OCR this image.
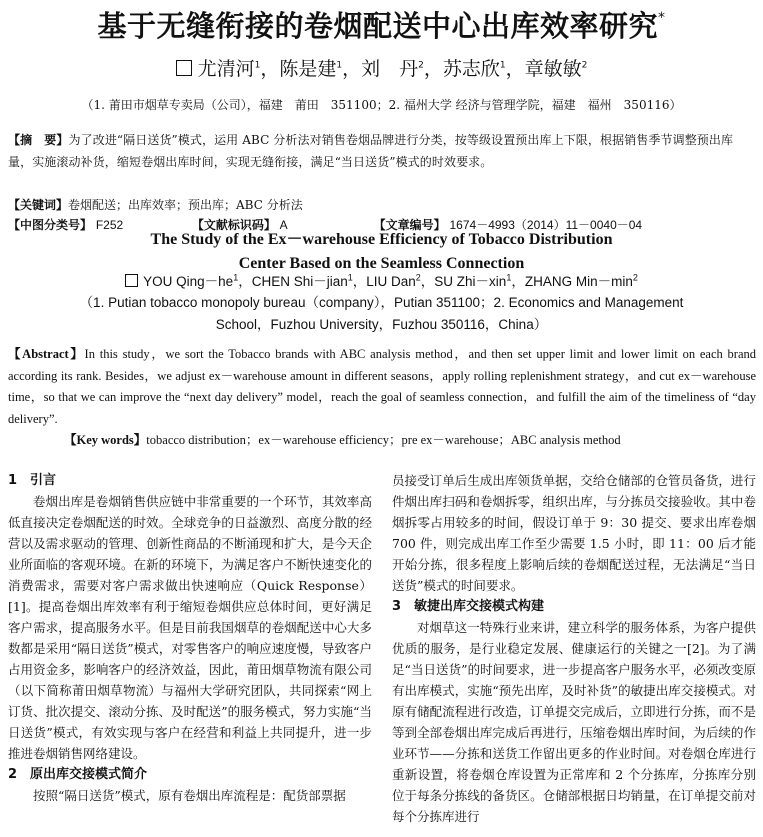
基于无缝衔接的卷烟配送中心出库效率研究*
尤清河$^1$，陈是建$^1$，刘　丹$^2$，苏志欣$^1$，章敏敏$^2$
（1. 莆田市烟草专卖局（公司），福建　莆田　351100；2. 福州大学 经济与管理学院，福建　福州　350116）

【摘　要】为了改进“隔日送货”模式，运用 ABC 分析法对销售卷烟品牌进行分类，按等级设置预出库上下限，根据销售季节调整预出库量，实施滚动补货，缩短卷烟出库时间，实现无缝衔接，满足“当日送货”模式的时效要求。

【关键词】卷烟配送；出库效率；预出库；ABC 分析法
【中图分类号】 F252	【文献标识码】 A	【文章编号】 1674－4993（2014）11－0040－04
The Study of the Ex－warehouse Efficiency of Tobacco Distribution
Center Based on the Seamless Connection
YOU $Qing-he^1$，CHEN Shi－jian$^1$，LIU Dan$^2$，SU Zhi－xin$^1$，ZHANG $Min-\min^2$
（1. Putian tobacco monopoly bureau（company），Putian 351100；2. Economics and Management
School，Fuzhou University，Fuzhou 350116，China）

【Abstract】In this study，we sort the Tobacco brands with ABC analysis method，and then set upper limit and lower limit on each brand according its rank. Besides，we adjust ex－warehouse amount in different seasons，apply rolling replenishment strategy，and cut ex－warehouse time，so that we can improve the “next day delivery” model，reach the goal of seamless connection，and fulfill the aim of the timeliness of “day delivery”.

【Key words】tobacco distribution；ex－warehouse efficiency；pre ex－warehouse；ABC analysis method
1　引言

卷烟出库是卷烟销售供应链中非常重要的一个环节，其效率高低直接决定卷烟配送的时效。全球竞争的日益激烈、高度分散的经营以及需求驱动的管理、创新性商品的不断涌现和扩大，是今天企业所面临的客观环境。在新的环境下，为满足客户不断快速变化的消费需求，需要对客户需求做出快速响应（Quick Response）[1]。提高卷烟出库效率有利于缩短卷烟供应总体时间，更好满足客户需求，提高服务水平。但是目前我国烟草的卷烟配送中心大多数都是采用“隔日送货”模式，对零售客户的响应速度慢，导致客户占用资金多，影响客户的经济效益，因此，莆田烟草物流有限公司（以下简称莆田烟草物流）与福州大学研究团队，共同探索“网上订货、批次提交、滚动分拣、及时配送”的服务模式，努力实施“当日送货”模式，有效实现与客户在经营和利益上共同提升，进一步推进卷烟销售网络建设。

2　原出库交接模式简介

按照“隔日送货”模式，原有卷烟出库流程是：配货部票据

员接受订单后生成出库领货单据，交给仓储部的仓管员备货，进行件烟出库扫码和卷烟拆零，组织出库，与分拣员交接验收。其中卷烟拆零占用较多的时间，假设订单于 9：30 提交、要求出库卷烟 700 件，则完成出库工作至少需要 1.5 小时，即 11：00 后才能开始分拣，很多程度上影响后续的卷烟配送过程，无法满足“当日送货”模式的时间要求。

3　敏捷出库交接模式构建

对烟草这一特殊行业来讲，建立科学的服务体系，为客户提供优质的服务，是行业稳定发展、健康运行的关键之一[2]。为了满足“当日送货”的时间要求，进一步提高客户服务水平，必须改变原有出库模式，实施“预先出库，及时补货”的敏捷出库交接模式。对原有储配流程进行改造，订单提交完成后，立即进行分拣，而不是等到全部卷烟出库完成后再进行，压缩卷烟出库时间，为后续的作业环节——分拣和送货工作留出更多的作业时间。对卷烟仓库进行重新设置，将卷烟仓库设置为正常库和 2 个分拣库，分拣库分别位于每条分拣线的备货区。仓储部根据日均销量，在订单提交前对每个分拣库进行
